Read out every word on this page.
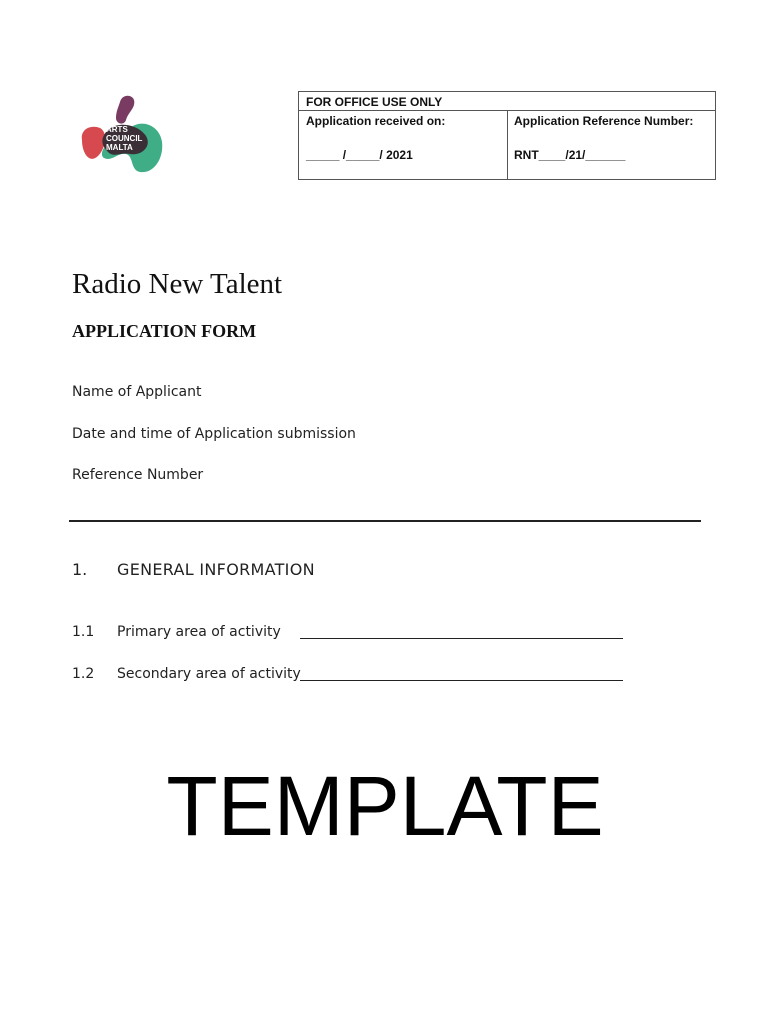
ARTS
COUNCIL
MALTA
FOR OFFICE USE ONLY
Application received on:
_____ /_____/ 2021
Application Reference Number:
RNT____/21/______
Radio New Talent
APPLICATION FORM
Name of Applicant
Date and time of Application submission
Reference Number
1. GENERAL INFORMATION
1.1 Primary area of activity
1.2 Secondary area of activity
TEMPLATE
